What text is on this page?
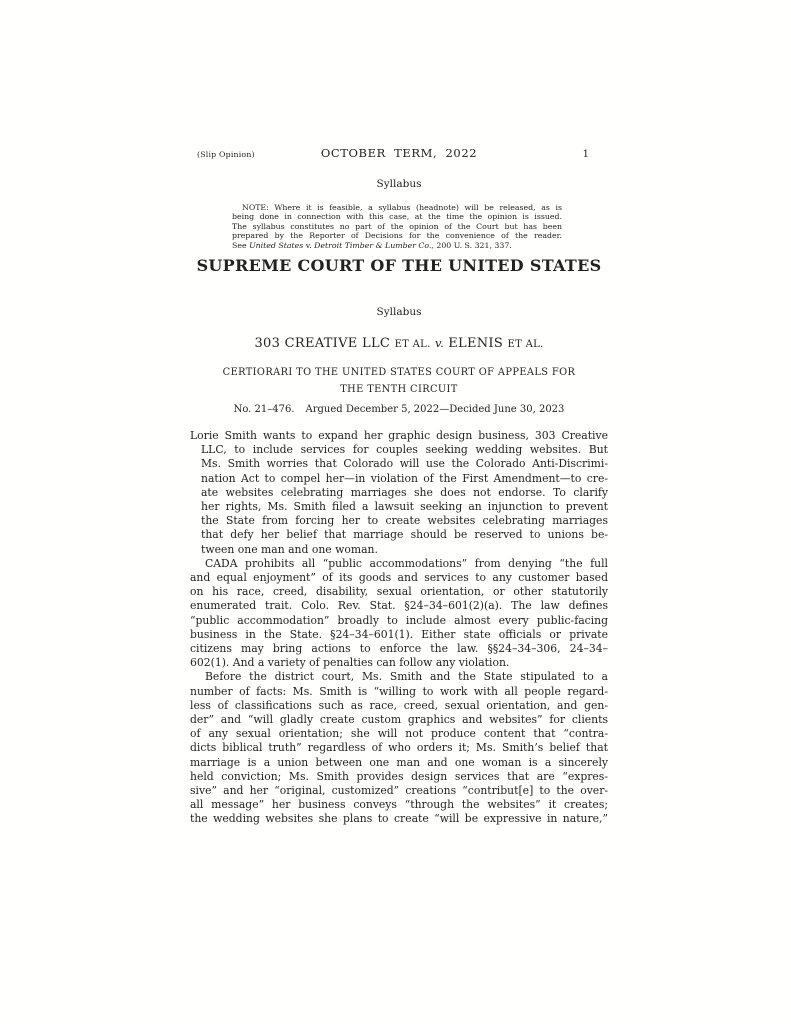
(Slip Opinion)	OCTOBER TERM, 2022	1
Syllabus
NOTE: Where it is feasible, a syllabus (headnote) will be released, as is
being done in connection with this case, at the time the opinion is issued.
The syllabus constitutes no part of the opinion of the Court but has been
prepared by the Reporter of Decisions for the convenience of the reader.
See United States v. Detroit Timber & Lumber Co., 200 U. S. 321, 337.
SUPREME COURT OF THE UNITED STATES
Syllabus
303 CREATIVE LLC ET AL. v. ELENIS ET AL.
CERTIORARI TO THE UNITED STATES COURT OF APPEALS FOR
THE TENTH CIRCUIT
No. 21–476. Argued December 5, 2022—Decided June 30, 2023
Lorie Smith wants to expand her graphic design business, 303 Creative
LLC, to include services for couples seeking wedding websites. But
Ms. Smith worries that Colorado will use the Colorado Anti-Discrimi-
nation Act to compel her—in violation of the First Amendment—to cre-
ate websites celebrating marriages she does not endorse. To clarify
her rights, Ms. Smith filed a lawsuit seeking an injunction to prevent
the State from forcing her to create websites celebrating marriages
that defy her belief that marriage should be reserved to unions be-
tween one man and one woman.
CADA prohibits all “public accommodations” from denying “the full
and equal enjoyment” of its goods and services to any customer based
on his race, creed, disability, sexual orientation, or other statutorily
enumerated trait. Colo. Rev. Stat. §24–34–601(2)(a). The law defines
“public accommodation” broadly to include almost every public-facing
business in the State. §24–34–601(1). Either state officials or private
citizens may bring actions to enforce the law. §§24–34–306, 24–34–
602(1). And a variety of penalties can follow any violation.
Before the district court, Ms. Smith and the State stipulated to a
number of facts: Ms. Smith is “willing to work with all people regard-
less of classifications such as race, creed, sexual orientation, and gen-
der” and “will gladly create custom graphics and websites” for clients
of any sexual orientation; she will not produce content that “contra-
dicts biblical truth” regardless of who orders it; Ms. Smith’s belief that
marriage is a union between one man and one woman is a sincerely
held conviction; Ms. Smith provides design services that are “expres-
sive” and her “original, customized” creations “contribut[e] to the over-
all message” her business conveys “through the websites” it creates;
the wedding websites she plans to create “will be expressive in nature,”
